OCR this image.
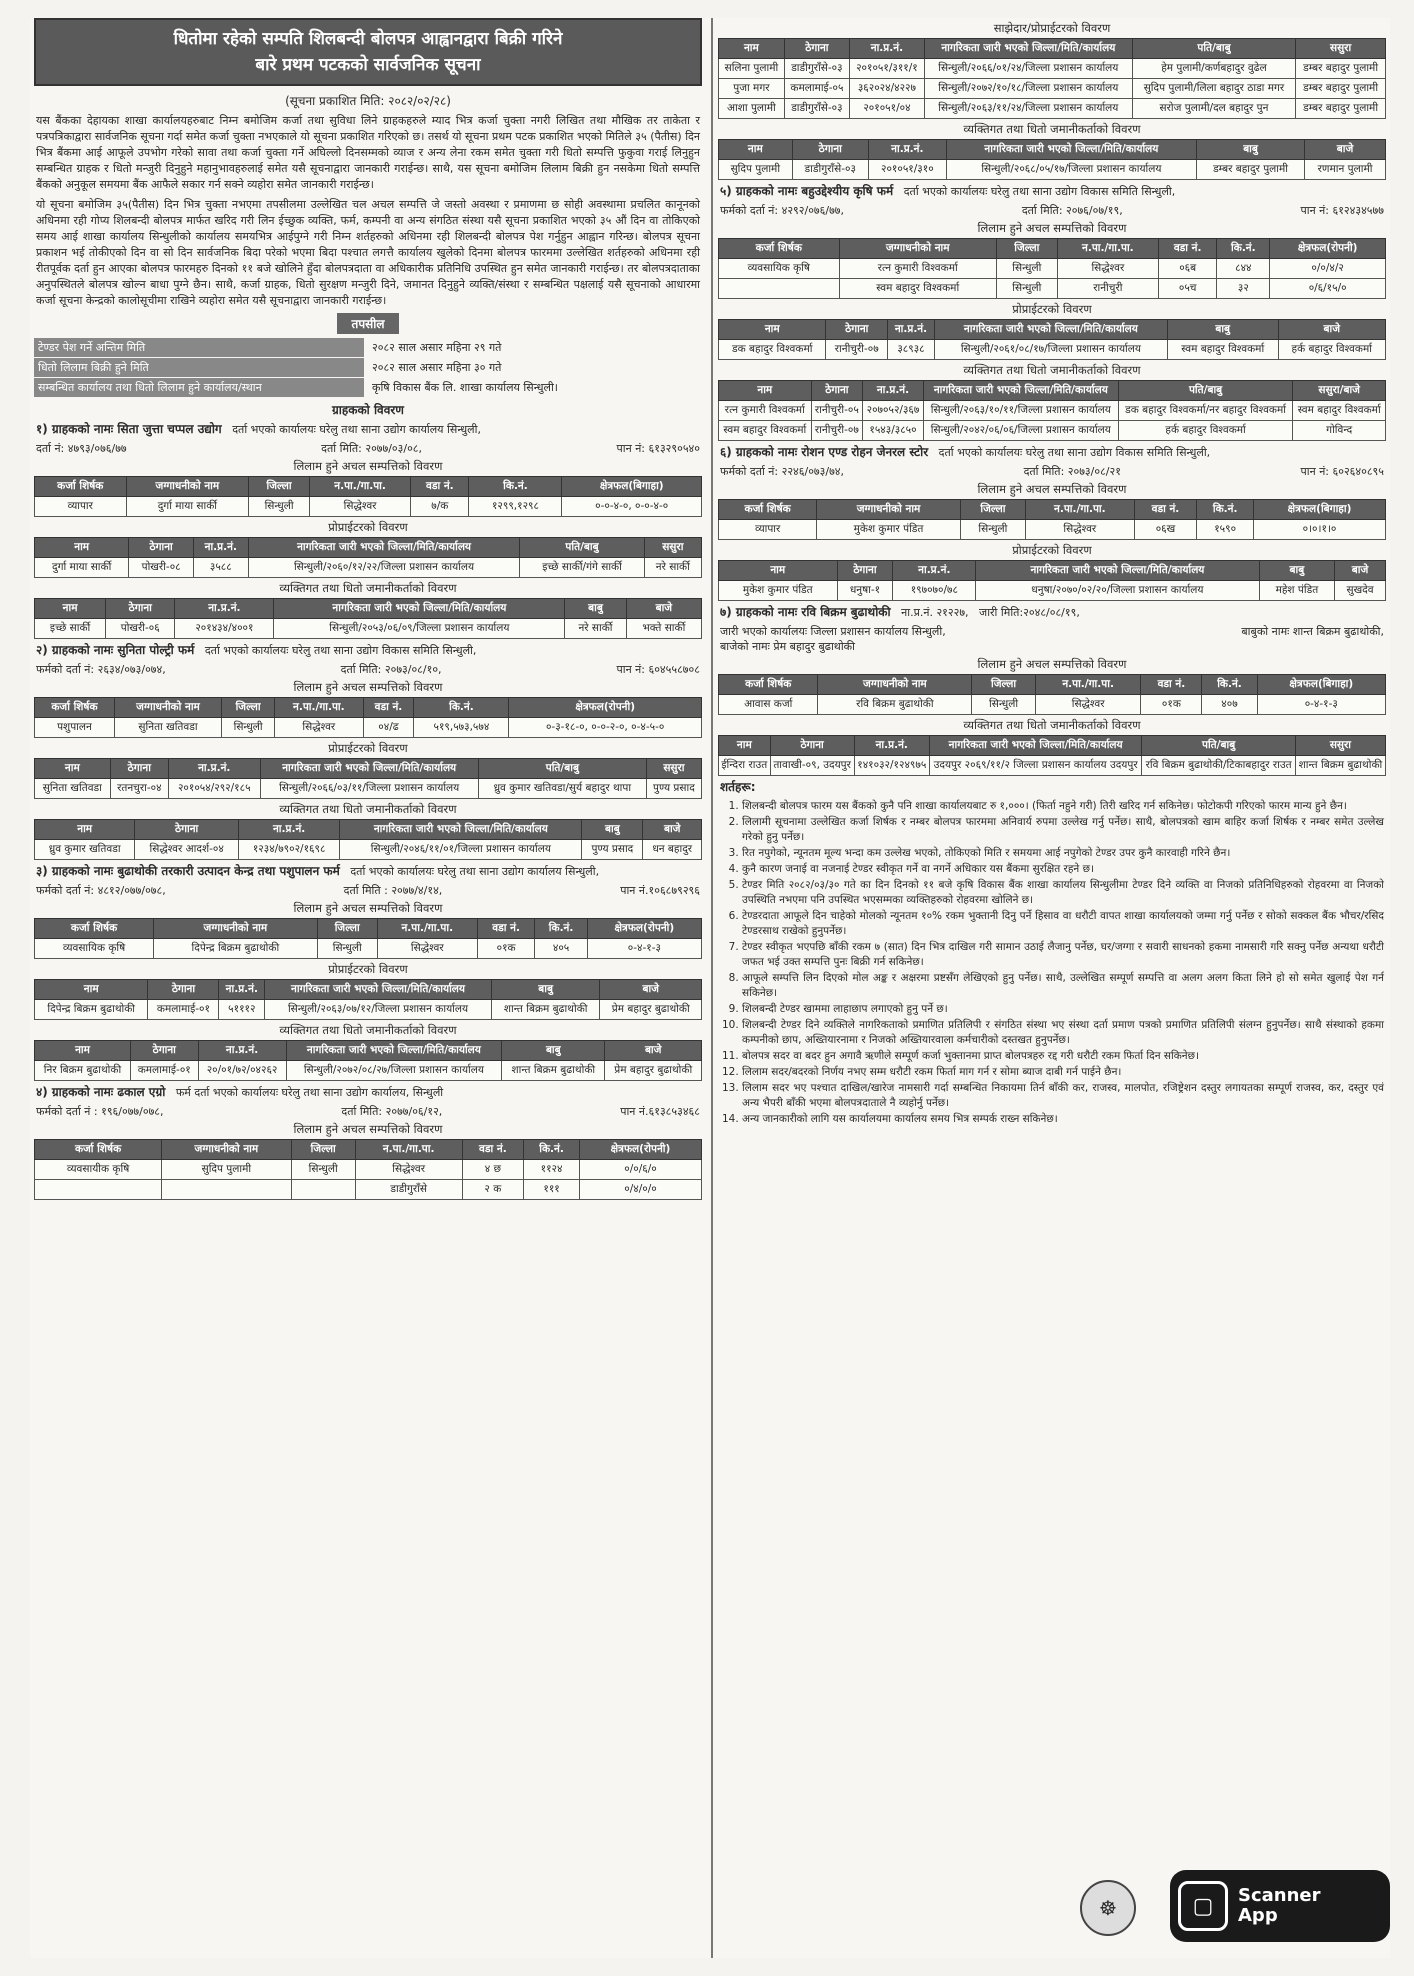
धितोमा रहेको सम्पति शिलबन्दी बोलपत्र आह्वानद्वारा बिक्री गरिने
बारे प्रथम पटकको सार्वजनिक सूचना
(सूचना प्रकाशित मिति: २०८२/०२/२८)

यस बैंकका देहायका शाखा कार्यालयहरुबाट निम्न बमोजिम कर्जा तथा सुविधा लिने ग्राहकहरुले म्याद भित्र कर्जा चुक्ता नगरी लिखित तथा मौखिक तर ताकेता र पत्रपत्रिकाद्वारा सार्वजनिक सूचना गर्दा समेत कर्जा चुक्ता नभएकाले यो सूचना प्रकाशित गरिएको छ। तसर्थ यो सूचना प्रथम पटक प्रकाशित भएको मितिले ३५ (पैतीस) दिन भित्र बैंकमा आई आफूले उपभोग गरेको सावा तथा कर्जा चुक्ता गर्ने अघिल्लो दिनसम्मको व्याज र अन्य लेना रकम समेत चुक्ता गरी धितो सम्पत्ति फुकुवा गराई लिनुहुन सम्बन्धित ग्राहक र धितो मन्जुरी दिनुहुने महानुभावहरुलाई समेत यसै सूचनाद्वारा जानकारी गराईन्छ। साथै, यस सूचना बमोजिम लिलाम बिक्री हुन नसकेमा धितो सम्पत्ति बैंकको अनुकूल समयमा बैंक आफैले सकार गर्न सक्ने व्यहोरा समेत जानकारी गराईन्छ।

यो सूचना बमोजिम ३५(पैतीस) दिन भित्र चुक्ता नभएमा तपसीलमा उल्लेखित चल अचल सम्पत्ति जे जस्तो अवस्था र प्रमाणमा छ सोही अवस्थामा प्रचलित कानूनको अधिनमा रही गोप्य शिलबन्दी बोलपत्र मार्फत खरिद गरी लिन ईच्छुक व्यक्ति, फर्म, कम्पनी वा अन्य संगठित संस्था यसै सूचना प्रकाशित भएको ३५ औं दिन वा तोकिएको समय आई शाखा कार्यालय सिन्धुलीको कार्यालय समयभित्र आईपुग्ने गरी निम्न शर्तहरुको अधिनमा रही शिलबन्दी बोलपत्र पेश गर्नुहुन आह्वान गरिन्छ। बोलपत्र सूचना प्रकाशन भई तोकीएको दिन वा सो दिन सार्वजनिक बिदा परेको भएमा बिदा पश्चात लगत्तै कार्यालय खुलेको दिनमा बोलपत्र फारममा उल्लेखित शर्तहरुको अधिनमा रही रीतपूर्वक दर्ता हुन आएका बोलपत्र फारमहरु दिनको ११ बजे खोलिने हुँदा बोलपत्रदाता वा अधिकारीक प्रतिनिधि उपस्थित हुन समेत जानकारी गराईन्छ। तर बोलपत्रदाताका अनुपस्थितले बोलपत्र खोल्न बाधा पुग्ने छैन। साथै, कर्जा ग्राहक, धितो सुरक्षण मन्जुरी दिने, जमानत दिनुहुने व्यक्ति/संस्था र सम्बन्धित पक्षलाई यसै सूचनाको आधारमा कर्जा सूचना केन्द्रको कालोसूचीमा राखिने व्यहोरा समेत यसै सूचनाद्वारा जानकारी गराईन्छ।

तपसील
टेण्डर पेश गर्ने अन्तिम मिति	२०८२ साल असार महिना २९ गते
धितो लिलाम बिक्री हुने मिति	२०८२ साल असार महिना ३० गते
सम्बन्धित कार्यालय तथा धितो लिलाम हुने कार्यालय/स्थान	कृषि विकास बैंक लि. शाखा कार्यालय सिन्धुली।
ग्राहकको विवरण
१) ग्राहकको नामः सिता जुत्ता चप्पल उद्योग दर्ता भएको कार्यालयः घरेलु तथा साना उद्योग कार्यालय सिन्धुली,
दर्ता नं: ४७९३/०७६/७७	दर्ता मिति: २०७७/०३/०८,	पान नं: ६१३२९०५४०
लिलाम हुने अचल सम्पत्तिको विवरण
कर्जा शिर्षक	जग्गाधनीको नाम	जिल्ला	न.पा./गा.पा.	वडा नं.	कि.नं.	क्षेत्रफल(बिगाहा)
व्यापार	दुर्गा माया सार्की	सिन्धुली	सिद्धेश्वर	७/क	१२९९,१२९८	०-०-४-०, ०-०-४-०
प्रोप्राईटरको विवरण
नाम	ठेगाना	ना.प्र.नं.	नागरिकता जारी भएको जिल्ला/मिति/कार्यालय	पति/बाबु	ससुरा
दुर्गा माया सार्की	पोखरी-०८	३५८८	सिन्धुली/२०६०/१२/२२/जिल्ला प्रशासन कार्यालय	इच्छे सार्की/गंगे सार्की	नरे सार्की
व्यक्तिगत तथा धितो जमानीकर्ताको विवरण
नाम	ठेगाना	ना.प्र.नं.	नागरिकता जारी भएको जिल्ला/मिति/कार्यालय	बाबु	बाजे
इच्छे सार्की	पोखरी-०६	२०१४३४/४००१	सिन्धुली/२०५३/०६/०९/जिल्ला प्रशासन कार्यालय	नरे सार्की	भक्ते सार्की
२) ग्राहकको नामः सुनिता पोल्ट्री फर्म दर्ता भएको कार्यालयः घरेलु तथा साना उद्योग विकास समिति सिन्धुली,
फर्मको दर्ता नं: २६३४/०७३/०७४,	दर्ता मिति: २०७३/०८/१०,	पान नं: ६०४५५८७०८
लिलाम हुने अचल सम्पत्तिको विवरण
कर्जा शिर्षक	जग्गाधनीको नाम	जिल्ला	न.पा./गा.पा.	वडा नं.	कि.नं.	क्षेत्रफल(रोपनी)
पशुपालन	सुनिता खतिवडा	सिन्धुली	सिद्धेश्वर	०४/ढ	५१९,५७३,५७४	०-३-१८-०, ०-०-२-०, ०-४-५-०
प्रोप्राईटरको विवरण
नाम	ठेगाना	ना.प्र.नं.	नागरिकता जारी भएको जिल्ला/मिति/कार्यालय	पति/बाबु	ससुरा
सुनिता खतिवडा	रतनचुरा-०४	२०१०५४/२९२/१८५	सिन्धुली/२०६६/०३/११/जिल्ला प्रशासन कार्यालय	ध्रुव कुमार खतिवडा/सुर्य बहादुर थापा	पुण्य प्रसाद
व्यक्तिगत तथा धितो जमानीकर्ताको विवरण
नाम	ठेगाना	ना.प्र.नं.	नागरिकता जारी भएको जिल्ला/मिति/कार्यालय	बाबु	बाजे
ध्रुव कुमार खतिवडा	सिद्धेश्वर आदर्श-०४	१२३४/७९०२/१६९८	सिन्धुली/२०४६/११/०१/जिल्ला प्रशासन कार्यालय	पुण्य प्रसाद	धन बहादुर
३) ग्राहकको नामः बुढाथोकी तरकारी उत्पादन केन्द्र तथा पशुपालन फर्म दर्ता भएको कार्यालयः घरेलु तथा साना उद्योग कार्यालय सिन्धुली,
फर्मको दर्ता नं: ४८१२/०७७/०७८,	दर्ता मिति : २०७७/४/१४,	पान नं.१०६८७९२९६
लिलाम हुने अचल सम्पत्तिको विवरण
कर्जा शिर्षक	जग्गाधनीको नाम	जिल्ला	न.पा./गा.पा.	वडा नं.	कि.नं.	क्षेत्रफल(रोपनी)
व्यवसायिक कृषि	दिपेन्द्र बिक्रम बुढाथोकी	सिन्धुली	सिद्धेश्वर	०१क	४०५	०-४-१-३
प्रोप्राईटरको विवरण
नाम	ठेगाना	ना.प्र.नं.	नागरिकता जारी भएको जिल्ला/मिति/कार्यालय	बाबु	बाजे
दिपेन्द्र बिक्रम बुढाथोकी	कमलामाई-०१	५१११२	सिन्धुली/२०६३/०७/१२/जिल्ला प्रशासन कार्यालय	शान्त बिक्रम बुढाथोकी	प्रेम बहादुर बुढाथोकी
व्यक्तिगत तथा धितो जमानीकर्ताको विवरण
नाम	ठेगाना	ना.प्र.नं.	नागरिकता जारी भएको जिल्ला/मिति/कार्यालय	बाबु	बाजे
निर बिक्रम बुढाथोकी	कमलामाई-०१	२०/०१/७२/०४२६२	सिन्धुली/२०७२/०८/२७/जिल्ला प्रशासन कार्यालय	शान्त बिक्रम बुढाथोकी	प्रेम बहादुर बुढाथोकी
४) ग्राहकको नामः ढकाल एग्रो फर्म दर्ता भएको कार्यालयः घरेलु तथा साना उद्योग कार्यालय, सिन्धुली
फर्मको दर्ता नं : १९६/०७७/०७८,	दर्ता मिति: २०७७/०६/१२,	पान नं.६१३८५३४६८
लिलाम हुने अचल सम्पत्तिको विवरण
कर्जा शिर्षक	जग्गाधनीको नाम	जिल्ला	न.पा./गा.पा.	वडा नं.	कि.नं.	क्षेत्रफल(रोपनी)
व्यवसायीक कृषि	सुदिप पुलामी	सिन्धुली	सिद्धेश्वर	४ छ	११२४	०/०/६/०
			डाडीगुराँसे	२ क	१११	०/४/०/०
साझेदार/प्रोप्राईटरको विवरण
नाम	ठेगाना	ना.प्र.नं.	नागरिकता जारी भएको जिल्ला/मिति/कार्यालय	पति/बाबु	ससुरा
सलिना पुलामी	डाडीगुराँसे-०३	२०१०५१/३११/१	सिन्धुली/२०६६/०१/२४/जिल्ला प्रशासन कार्यालय	हेम पुलामी/कर्णबहादुर वुढेल	डम्बर बहादुर पुलामी
पुजा मगर	कमलामाई-०५	३६२०२४/४२२७	सिन्धुली/२०७२/१०/१८/जिल्ला प्रशासन कार्यालय	सुदिप पुलामी/लिला बहादुर ठाडा मगर	डम्बर बहादुर पुलामी
आशा पुलामी	डाडीगुराँसे-०३	२०१०५१/०४	सिन्धुली/२०६३/११/२४/जिल्ला प्रशासन कार्यालय	सरोज पुलामी/दल बहादुर पुन	डम्बर बहादुर पुलामी
व्यक्तिगत तथा धितो जमानीकर्ताको विवरण
नाम	ठेगाना	ना.प्र.नं.	नागरिकता जारी भएको जिल्ला/मिति/कार्यालय	बाबु	बाजे
सुदिप पुलामी	डाडीगुराँसे-०३	२०१०५१/३१०	सिन्धुली/२०६८/०५/१७/जिल्ला प्रशासन कार्यालय	डम्बर बहादुर पुलामी	रणमान पुलामी
५) ग्राहकको नामः बहुउद्देश्यीय कृषि फर्म दर्ता भएको कार्यालयः घरेलु तथा साना उद्योग विकास समिति सिन्धुली,
फर्मको दर्ता नं: ४२९२/०७६/७७,	दर्ता मिति: २०७६/०७/१९,	पान नं: ६१२४३४५७७
लिलाम हुने अचल सम्पत्तिको विवरण
कर्जा शिर्षक	जग्गाधनीको नाम	जिल्ला	न.पा./गा.पा.	वडा नं.	कि.नं.	क्षेत्रफल(रोपनी)
व्यवसायिक कृषि	रत्न कुमारी विश्वकर्मा	सिन्धुली	सिद्धेश्वर	०६ब	८४४	०/०/४/२
	स्वम बहादुर विश्वकर्मा	सिन्धुली	रानीचुरी	०५च	३२	०/६/१५/०
प्रोप्राईटरको विवरण
नाम	ठेगाना	ना.प्र.नं.	नागरिकता जारी भएको जिल्ला/मिति/कार्यालय	बाबु	बाजे
डक बहादुर विश्वकर्मा	रानीचुरी-०७	३८९३८	सिन्धुली/२०६१/०८/१७/जिल्ला प्रशासन कार्यालय	स्वम बहादुर विश्वकर्मा	हर्क बहादुर विश्वकर्मा
व्यक्तिगत तथा धितो जमानीकर्ताको विवरण
नाम	ठेगाना	ना.प्र.नं.	नागरिकता जारी भएको जिल्ला/मिति/कार्यालय	पति/बाबु	ससुरा/बाजे
रत्न कुमारी विश्वकर्मा	रानीचुरी-०५	२०७०५२/३६७	सिन्धुली/२०६३/१०/११/जिल्ला प्रशासन कार्यालय	डक बहादुर विश्वकर्मा/नर बहादुर विश्वकर्मा	स्वम बहादुर विश्वकर्मा
स्वम बहादुर विश्वकर्मा	रानीचुरी-०७	१५४३/३८५०	सिन्धुली/२०४२/०६/०६/जिल्ला प्रशासन कार्यालय	हर्क बहादुर विश्वकर्मा	गोविन्द
६) ग्राहकको नामः रोशन एण्ड रोहन जेनरल स्टोर दर्ता भएको कार्यालयः घरेलु तथा साना उद्योग विकास समिति सिन्धुली,
फर्मको दर्ता नं: २२४६/०७३/७४,	दर्ता मिति: २०७३/०८/२१	पान नं: ६०२६४०८९५
लिलाम हुने अचल सम्पत्तिको विवरण
कर्जा शिर्षक	जग्गाधनीको नाम	जिल्ला	न.पा./गा.पा.	वडा नं.	कि.नं.	क्षेत्रफल(बिगाहा)
व्यापार	मुकेश कुमार पंडित	सिन्धुली	सिद्धेश्वर	०६ख	१५९०	०।०।१।०
प्रोप्राईटरको विवरण
नाम	ठेगाना	ना.प्र.नं.	नागरिकता जारी भएको जिल्ला/मिति/कार्यालय	बाबु	बाजे
मुकेश कुमार पंडित	धनुषा-१	१९७०७०/७८	धनुषा/२०७०/०२/२०/जिल्ला प्रशासन कार्यालय	महेश पंडित	सुखदेव
७) ग्राहकको नामः रवि बिक्रम बुढाथोकी ना.प्र.नं. २१२२७, जारी मिति:२०४८/०८/१९,
जारी भएको कार्यालयः जिल्ला प्रशासन कार्यालय सिन्धुली,	बाबुको नामः शान्त बिक्रम बुढाथोकी,
बाजेको नामः प्रेम बहादुर बुढाथोकी
लिलाम हुने अचल सम्पत्तिको विवरण
कर्जा शिर्षक	जग्गाधनीको नाम	जिल्ला	न.पा./गा.पा.	वडा नं.	कि.नं.	क्षेत्रफल(बिगाहा)
आवास कर्जा	रवि बिक्रम बुढाथोकी	सिन्धुली	सिद्धेश्वर	०१क	४०७	०-४-१-३
व्यक्तिगत तथा धितो जमानीकर्ताको विवरण
नाम	ठेगाना	ना.प्र.नं.	नागरिकता जारी भएको जिल्ला/मिति/कार्यालय	पति/बाबु	ससुरा
ईन्दिरा राउत	तावाखी-०९, उदयपुर	१४१०३२/१२४९७५	उदयपुर २०६९/११/२ जिल्ला प्रशासन कार्यालय उदयपुर	रवि बिक्रम बुढाथोकी/टिकाबहादुर राउत	शान्त बिक्रम बुढाथोकी
शर्तहरू:
1. शिलबन्दी बोलपत्र फारम यस बैंकको कुनै पनि शाखा कार्यालयबाट रु १,०००। (फिर्ता नहुने गरी) तिरी खरिद गर्न सकिनेछ। फोटोकपी गरिएको फारम मान्य हुने छैन।
2. लिलामी सूचनामा उल्लेखित कर्जा शिर्षक र नम्बर बोलपत्र फारममा अनिवार्य रुपमा उल्लेख गर्नु पर्नेछ। साथै, बोलपत्रको खाम बाहिर कर्जा शिर्षक र नम्बर समेत उल्लेख गरेको हुनु पर्नेछ।
3. रित नपुगेको, न्यूनतम मूल्य भन्दा कम उल्लेख भएको, तोकिएको मिति र समयमा आई नपुगेको टेण्डर उपर कुनै कारवाही गरिने छैन।
4. कुनै कारण जनाई वा नजनाई टेण्डर स्वीकृत गर्ने वा नगर्ने अधिकार यस बैंकमा सुरक्षित रहने छ।
5. टेण्डर मिति २०८२/०३/३० गते का दिन दिनको ११ बजे कृषि विकास बैंक शाखा कार्यालय सिन्धुलीमा टेण्डर दिने व्यक्ति वा निजको प्रतिनिधिहरुको रोहवरमा वा निजको उपस्थिति नभएमा पनि उपस्थित भएसम्मका व्यक्तिहरुको रोहवरमा खोलिने छ।
6. टेण्डरदाता आफूले दिन चाहेको मोलको न्यूनतम १०% रकम भुक्तानी दिनु पर्ने हिसाव वा धरौटी वापत शाखा कार्यालयको जम्मा गर्नु पर्नेछ र सोको सक्कल बैंक भौचर/रसिद टेण्डरसाथ राखेको हुनुपर्नेछ।
7. टेण्डर स्वीकृत भएपछि बाँकी रकम ७ (सात) दिन भित्र दाखिल गरी सामान उठाई लैजानु पर्नेछ, घर/जग्गा र सवारी साधनको हकमा नामसारी गरि सक्नु पर्नेछ अन्यथा धरौटी जफत भई उक्त सम्पत्ति पुनः बिक्री गर्न सकिनेछ।
8. आफूले सम्पत्ति लिन दिएको मोल अङ्क र अक्षरमा प्रष्टसँग लेखिएको हुनु पर्नेछ। साथै, उल्लेखित सम्पूर्ण सम्पत्ति वा अलग अलग किता लिने हो सो समेत खुलाई पेश गर्न सकिनेछ।
9. शिलबन्दी टेण्डर खाममा लाहाछाप लगाएको हुनु पर्ने छ।
10. शिलबन्दी टेण्डर दिने व्यक्तिले नागरिकताको प्रमाणित प्रतिलिपी र संगठित संस्था भए संस्था दर्ता प्रमाण पत्रको प्रमाणित प्रतिलिपी संलग्न हुनुपर्नेछ। साथै संस्थाको हकमा कम्पनीको छाप, अख्तियारनामा र निजको अख्तियारवाला कर्मचारीको दस्तखत हुनुपर्नेछ।
11. बोलपत्र सदर वा बदर हुन अगावै ऋणीले सम्पूर्ण कर्जा भुक्तानमा प्राप्त बोलपत्रहरु रद्द गरी धरौटी रकम फिर्ता दिन सकिनेछ।
12. लिलाम सदर/बदरको निर्णय नभए सम्म धरौटी रकम फिर्ता माग गर्न र सोमा ब्याज दाबी गर्न पाईने छैन।
13. लिलाम सदर भए पश्चात दाखिल/खारेज नामसारी गर्दा सम्बन्धित निकायमा तिर्न बाँकी कर, राजस्व, मालपोत, रजिष्ट्रेशन दस्तुर लगायतका सम्पूर्ण राजस्व, कर, दस्तुर एवं अन्य भैपरी बाँकी भएमा बोलपत्रदाताले नै व्यहोर्नु पर्नेछ।
14. अन्य जानकारीको लागि यस कार्यालयमा कार्यालय समय भित्र सम्पर्क राख्न सकिनेछ।
☸	▢	Scanner
App
